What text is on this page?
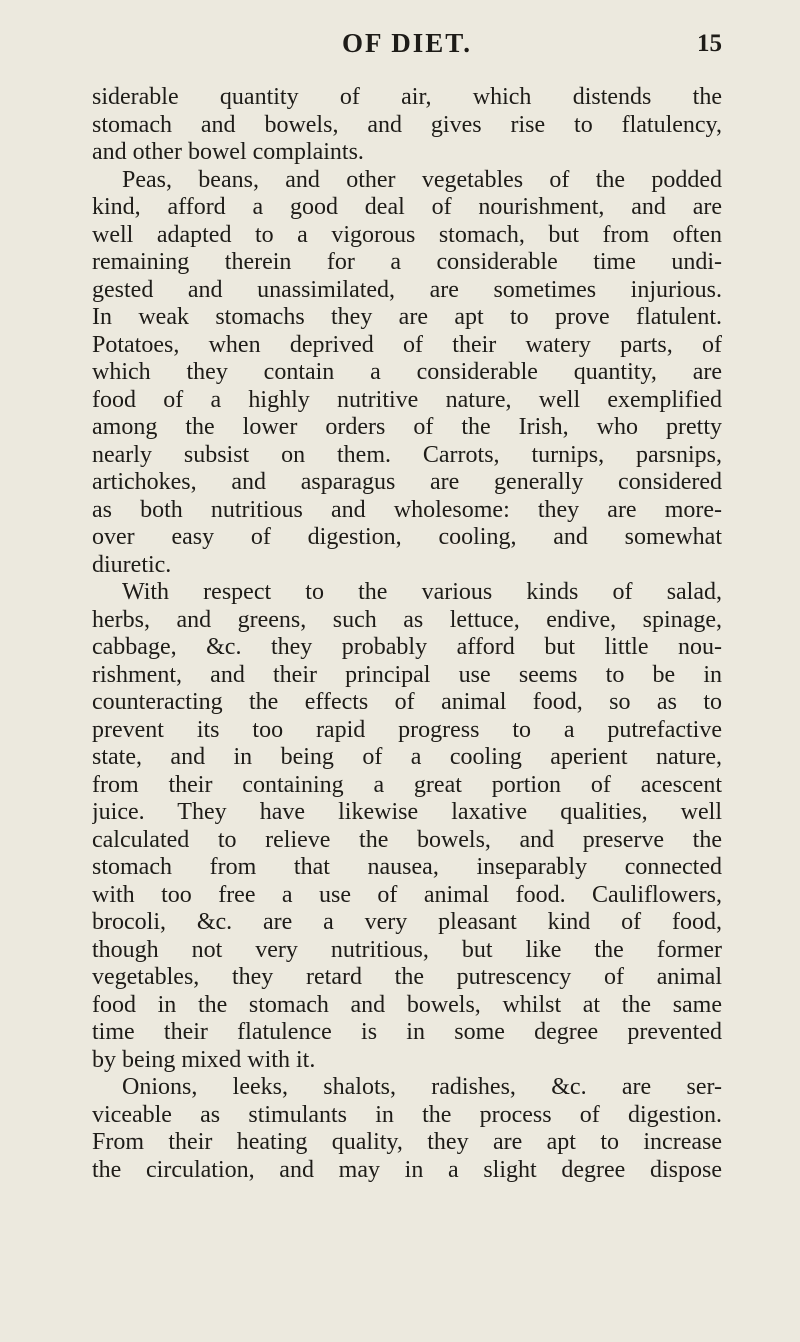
OF DIET.	15
siderable quantity of air, which distends the
stomach and bowels, and gives rise to flatulency,
and other bowel complaints.
Peas, beans, and other vegetables of the podded
kind, afford a good deal of nourishment, and are
well adapted to a vigorous stomach, but from often
remaining therein for a considerable time undi-
gested and unassimilated, are sometimes injurious.
In weak stomachs they are apt to prove flatulent.
Potatoes, when deprived of their watery parts, of
which they contain a considerable quantity, are
food of a highly nutritive nature, well exemplified
among the lower orders of the Irish, who pretty
nearly subsist on them. Carrots, turnips, parsnips,
artichokes, and asparagus are generally considered
as both nutritious and wholesome: they are more-
over easy of digestion, cooling, and somewhat
diuretic.
With respect to the various kinds of salad,
herbs, and greens, such as lettuce, endive, spinage,
cabbage, &c. they probably afford but little nou-
rishment, and their principal use seems to be in
counteracting the effects of animal food, so as to
prevent its too rapid progress to a putrefactive
state, and in being of a cooling aperient nature,
from their containing a great portion of acescent
juice. They have likewise laxative qualities, well
calculated to relieve the bowels, and preserve the
stomach from that nausea, inseparably connected
with too free a use of animal food. Cauliflowers,
brocoli, &c. are a very pleasant kind of food,
though not very nutritious, but like the former
vegetables, they retard the putrescency of animal
food in the stomach and bowels, whilst at the same
time their flatulence is in some degree prevented
by being mixed with it.
Onions, leeks, shalots, radishes, &c. are ser-
viceable as stimulants in the process of digestion.
From their heating quality, they are apt to increase
the circulation, and may in a slight degree dispose
